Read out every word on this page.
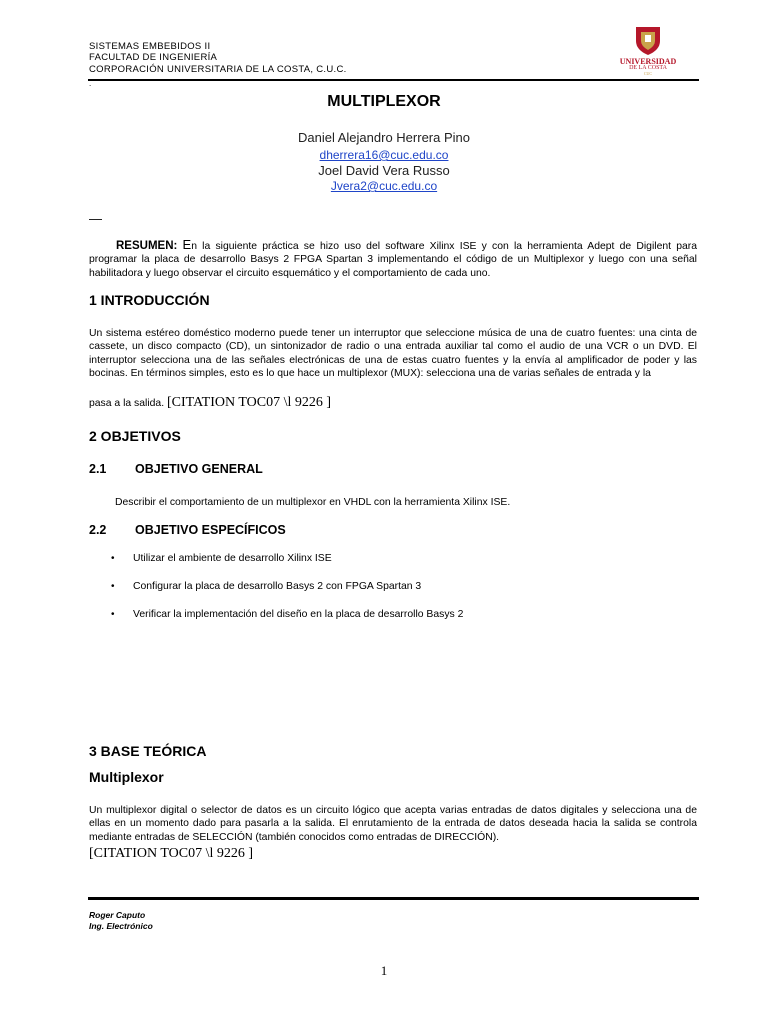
SISTEMAS EMBEBIDOS II
FACULTAD DE INGENIERÍA
CORPORACIÓN UNIVERSITARIA DE LA COSTA, C.U.C.
UNIVERSIDAD
DE LA COSTA
CUC
.
MULTIPLEXOR
Daniel Alejandro Herrera Pino
dherrera16@cuc.edu.co
Joel David Vera Russo
Jvera2@cuc.edu.co
—
RESUMEN: En la siguiente práctica se hizo uso del software Xilinx ISE y con la herramienta Adept de Digilent para programar la placa de desarrollo Basys 2 FPGA Spartan 3 implementando el código de un Multiplexor y luego con una señal habilitadora y luego observar el circuito esquemático y el comportamiento de cada uno.
1 INTRODUCCIÓN
Un sistema estéreo doméstico moderno puede tener un interruptor que seleccione música de una de cuatro fuentes: una cinta de cassete, un disco compacto (CD), un sintonizador de radio o una entrada auxiliar tal como el audio de una VCR o un DVD. El interruptor selecciona una de las señales electrónicas de una de estas cuatro fuentes y la envía al amplificador de poder y las bocinas. En términos simples, esto es lo que hace un multiplexor (MUX): selecciona una de varias señales de entrada y la
pasa a la salida. [CITATION TOC07 \l 9226 ]
2 OBJETIVOS
2.1 OBJETIVO GENERAL
Describir el comportamiento de un multiplexor en VHDL con la herramienta Xilinx ISE.
2.2 OBJETIVO ESPECÍFICOS
• Utilizar el ambiente de desarrollo Xilinx ISE
• Configurar la placa de desarrollo Basys 2 con FPGA Spartan 3
• Verificar la implementación del diseño en la placa de desarrollo Basys 2
3 BASE TEÓRICA
Multiplexor
Un multiplexor digital o selector de datos es un circuito lógico que acepta varias entradas de datos digitales y selecciona una de ellas en un momento dado para pasarla a la salida. El enrutamiento de la entrada de datos deseada hacia la salida se controla mediante entradas de SELECCIÓN (también conocidos como entradas de DIRECCIÓN).
[CITATION TOC07 \l 9226 ]
Roger Caputo
Ing. Electrónico
1
